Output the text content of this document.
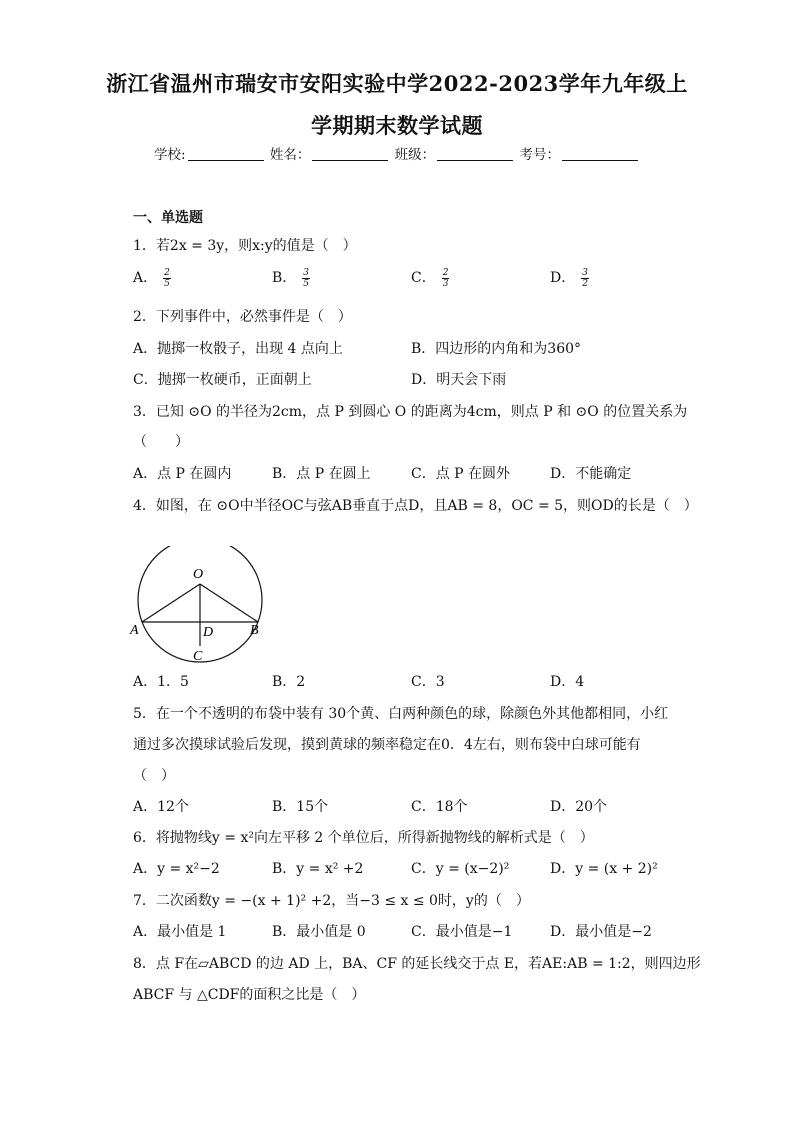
浙江省温州市瑞安市安阳实验中学2022-2023学年九年级上
学期期末数学试题
学校:	姓名：	班级：	考号：
一、单选题
1．若2x = 3y，则x:y的值是（　）
A． $\frac{2}{5}$	B． $\frac{3}{5}$	C． $\frac{2}{3}$	D． $\frac{3}{2}$
2．下列事件中，必然事件是（　）
A．抛掷一枚骰子，出现 4 点向上	B．四边形的内角和为360°
C．抛掷一枚硬币，正面朝上	D．明天会下雨
3．已知 ⊙O 的半径为2cm，点 P 到圆心 O 的距离为4cm，则点 P 和 ⊙O 的位置关系为
（　　）
A．点 P 在圆内	B．点 P 在圆上	C．点 P 在圆外	D．不能确定
4．如图，在 ⊙O中半径OC与弦AB垂直于点D，且AB = 8，OC = 5，则OD的长是（　）
O
A	B
D
C
A．1．5	B．2	C．3	D．4
5．在一个不透明的布袋中装有 30个黄、白两种颜色的球，除颜色外其他都相同，小红
通过多次摸球试验后发现，摸到黄球的频率稳定在0．4左右，则布袋中白球可能有
（　）
A．12个	B．15个	C．18个	D．20个
6．将抛物线y = x²向左平移 2 个单位后，所得新抛物线的解析式是（　）
A．y = x²−2	B．y = x² +2	C．y = (x−2)²	D．y = (x + 2)²
7．二次函数y = −(x + 1)² +2，当−3 ≤ x ≤ 0时，y的（　）
A．最小值是 1	B．最小值是 0	C．最小值是−1	D．最小值是−2
8．点 F在▱ABCD 的边 AD 上，BA、CF 的延长线交于点 E，若AE:AB = 1:2，则四边形
ABCF 与 △CDF的面积之比是（　）
